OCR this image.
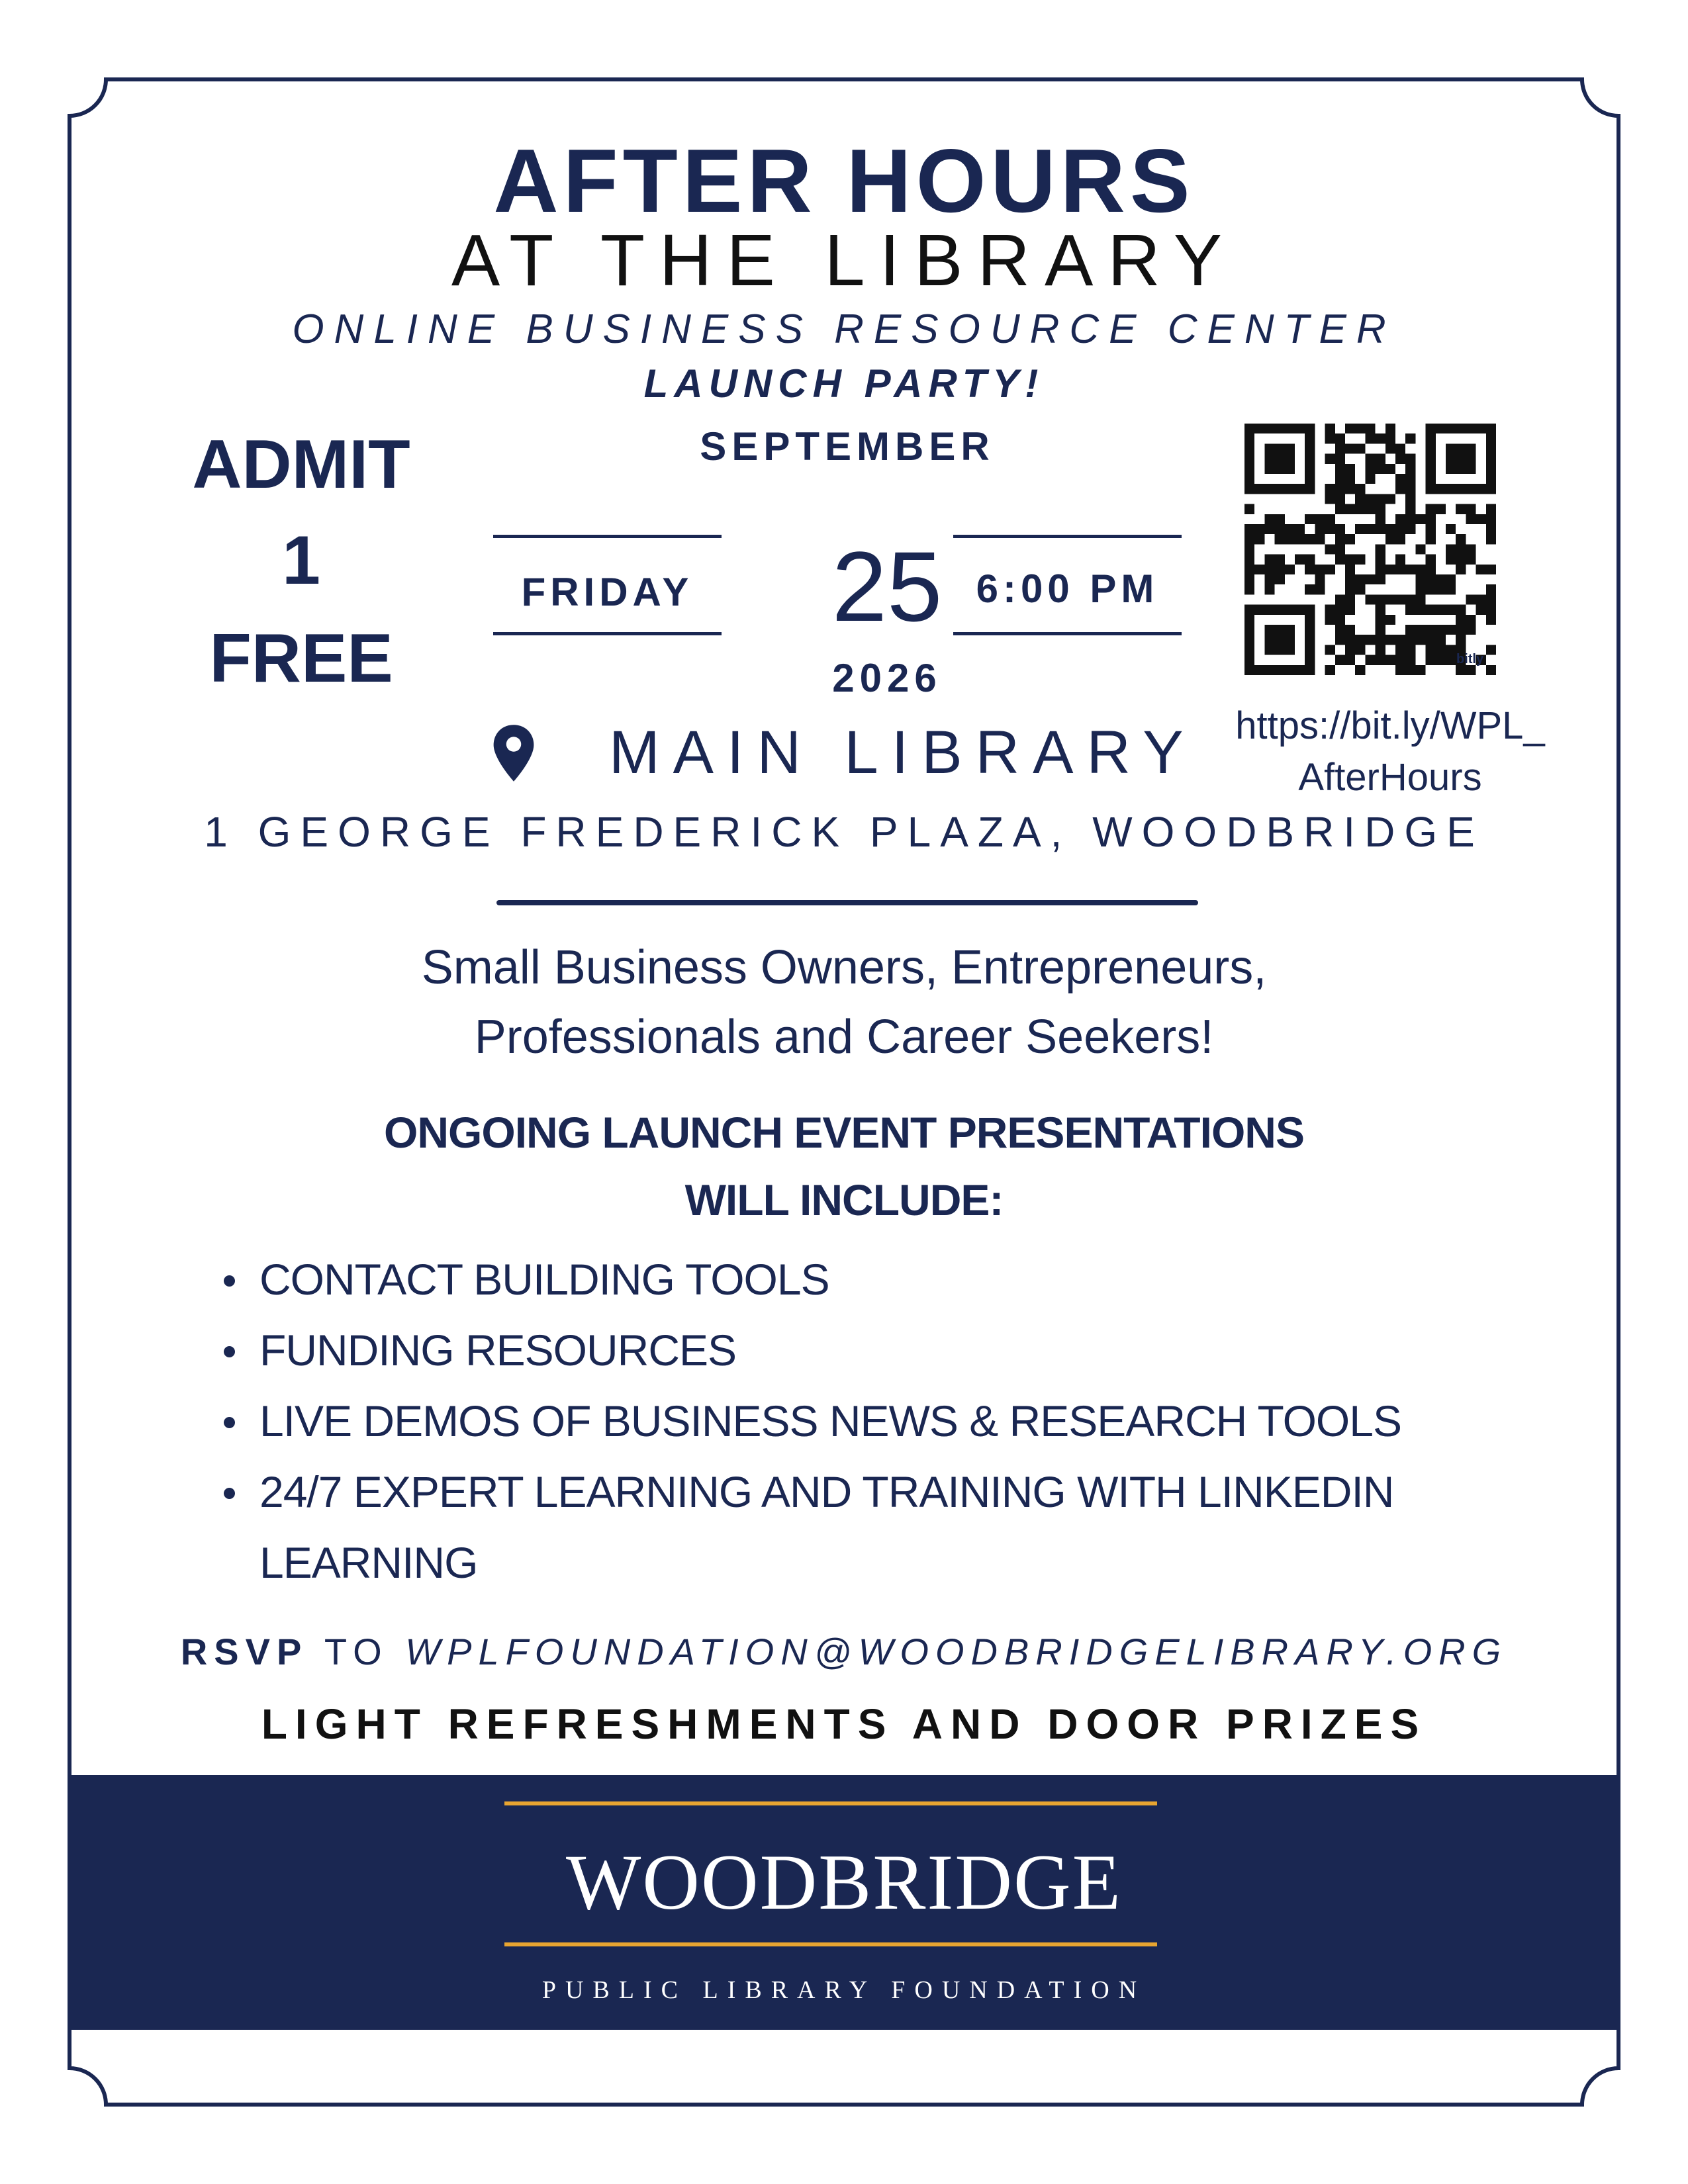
AFTER HOURS
AT THE LIBRARY
ONLINE BUSINESS RESOURCE CENTER
LAUNCH PARTY!
SEPTEMBER
ADMIT
1
FREE
FRIDAY	25 6:00 PM
2026
MAIN LIBRARY
1 GEORGE FREDERICK PLAZA, WOODBRIDGE
bitly
https://bit.ly/WPL_
AfterHours
Small Business Owners, Entrepreneurs,
Professionals and Career Seekers!
ONGOING LAUNCH EVENT PRESENTATIONS
WILL INCLUDE:
CONTACT BUILDING TOOLS
FUNDING RESOURCES
LIVE DEMOS OF BUSINESS NEWS & RESEARCH TOOLS
24/7 EXPERT LEARNING AND TRAINING WITH LINKEDIN
LEARNING
RSVP TO WPLFOUNDATION@WOODBRIDGELIBRARY.ORG
LIGHT REFRESHMENTS AND DOOR PRIZES
WOODBRIDGE
PUBLIC LIBRARY FOUNDATION
